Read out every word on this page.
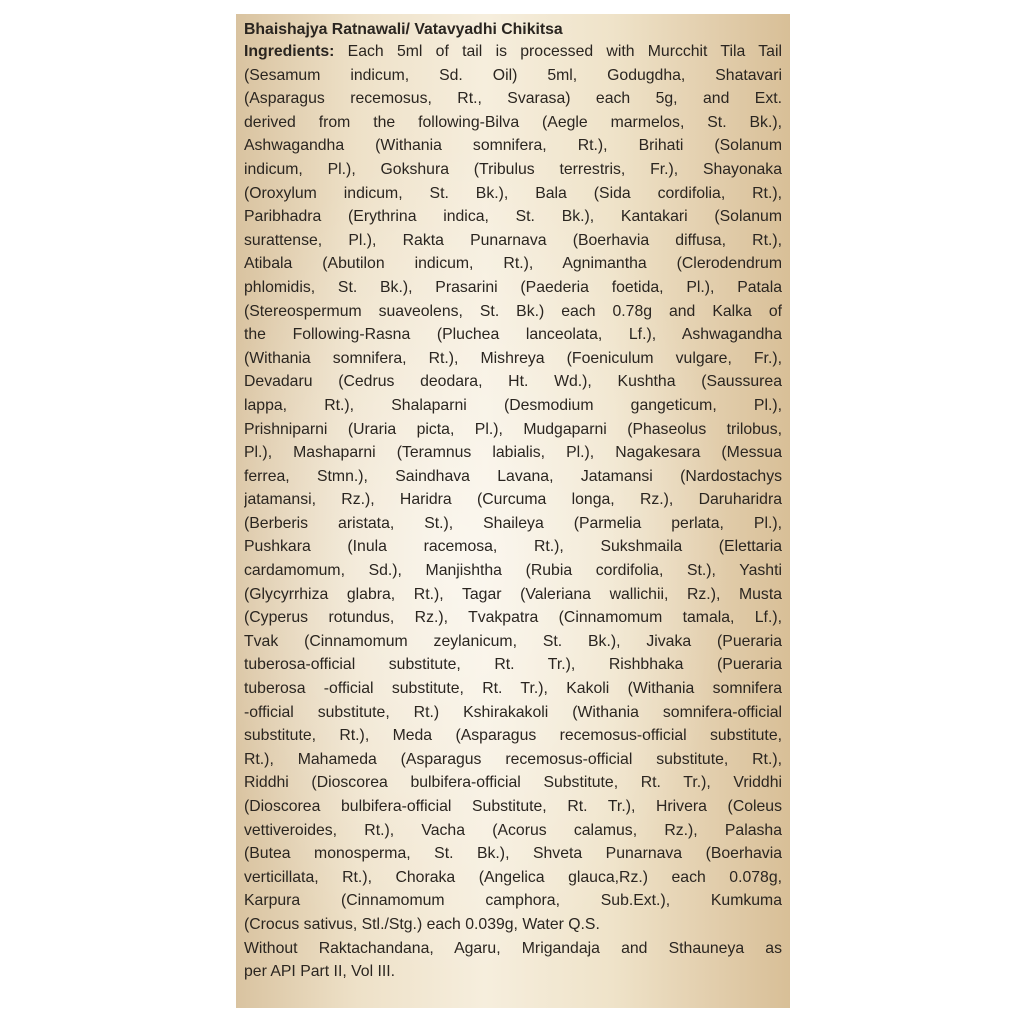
Bhaishajya Ratnawali/ Vatavyadhi Chikitsa
Ingredients: Each 5ml of tail is processed with Murcchit Tila Tail
(Sesamum indicum, Sd. Oil) 5ml, Godugdha, Shatavari
(Asparagus recemosus, Rt., Svarasa) each 5g, and Ext.
derived from the following-Bilva (Aegle marmelos, St. Bk.),
Ashwagandha (Withania somnifera, Rt.), Brihati (Solanum
indicum, Pl.), Gokshura (Tribulus terrestris, Fr.), Shayonaka
(Oroxylum indicum, St. Bk.), Bala (Sida cordifolia, Rt.),
Paribhadra (Erythrina indica, St. Bk.), Kantakari (Solanum
surattense, Pl.), Rakta Punarnava (Boerhavia diffusa, Rt.),
Atibala (Abutilon indicum, Rt.), Agnimantha (Clerodendrum
phlomidis, St. Bk.), Prasarini (Paederia foetida, Pl.), Patala
(Stereospermum suaveolens, St. Bk.) each 0.78g and Kalka of
the Following-Rasna (Pluchea lanceolata, Lf.), Ashwagandha
(Withania somnifera, Rt.), Mishreya (Foeniculum vulgare, Fr.),
Devadaru (Cedrus deodara, Ht. Wd.), Kushtha (Saussurea
lappa, Rt.), Shalaparni (Desmodium gangeticum, Pl.),
Prishniparni (Uraria picta, Pl.), Mudgaparni (Phaseolus trilobus,
Pl.), Mashaparni (Teramnus labialis, Pl.), Nagakesara (Messua
ferrea, Stmn.), Saindhava Lavana, Jatamansi (Nardostachys
jatamansi, Rz.), Haridra (Curcuma longa, Rz.), Daruharidra
(Berberis aristata, St.), Shaileya (Parmelia perlata, Pl.),
Pushkara (Inula racemosa, Rt.), Sukshmaila (Elettaria
cardamomum, Sd.), Manjishtha (Rubia cordifolia, St.), Yashti
(Glycyrrhiza glabra, Rt.), Tagar (Valeriana wallichii, Rz.), Musta
(Cyperus rotundus, Rz.), Tvakpatra (Cinnamomum tamala, Lf.),
Tvak (Cinnamomum zeylanicum, St. Bk.), Jivaka (Pueraria
tuberosa-official substitute, Rt. Tr.), Rishbhaka (Pueraria
tuberosa -official substitute, Rt. Tr.), Kakoli (Withania somnifera
-official substitute, Rt.) Kshirakakoli (Withania somnifera-official
substitute, Rt.), Meda (Asparagus recemosus-official substitute,
Rt.), Mahameda (Asparagus recemosus-official substitute, Rt.),
Riddhi (Dioscorea bulbifera-official Substitute, Rt. Tr.), Vriddhi
(Dioscorea bulbifera-official Substitute, Rt. Tr.), Hrivera (Coleus
vettiveroides, Rt.), Vacha (Acorus calamus, Rz.), Palasha
(Butea monosperma, St. Bk.), Shveta Punarnava (Boerhavia
verticillata, Rt.), Choraka (Angelica glauca,Rz.) each 0.078g,
Karpura (Cinnamomum camphora, Sub.Ext.), Kumkuma
(Crocus sativus, Stl./Stg.) each 0.039g, Water Q.S.
Without Raktachandana, Agaru, Mrigandaja and Sthauneya as
per API Part II, Vol III.
